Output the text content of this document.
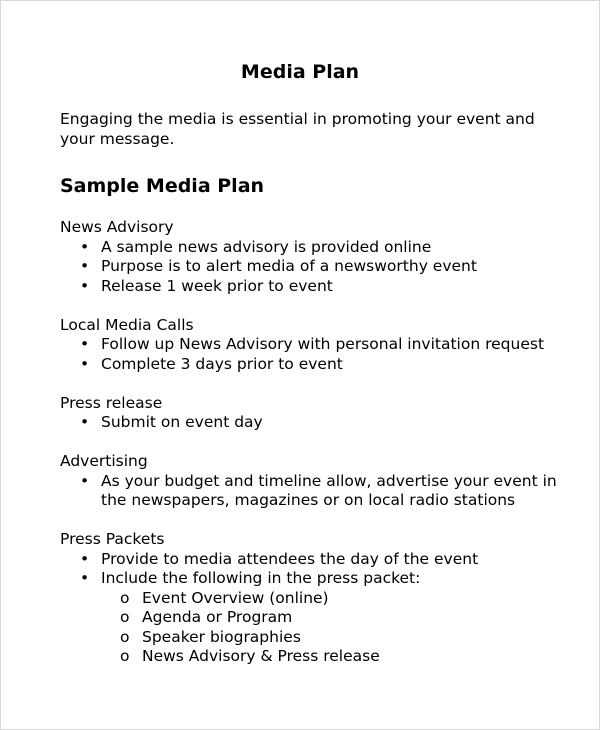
Media Plan
Engaging the media is essential in promoting your event and your message.
Sample Media Plan
News Advisory
• A sample news advisory is provided online
• Purpose is to alert media of a newsworthy event
• Release 1 week prior to event
Local Media Calls
• Follow up News Advisory with personal invitation request
• Complete 3 days prior to event
Press release
• Submit on event day
Advertising
• As your budget and timeline allow, advertise your event in the newspapers, magazines or on local radio stations
Press Packets
• Provide to media attendees the day of the event
• Include the following in the press packet:
o Event Overview (online)
o Agenda or Program
o Speaker biographies
o News Advisory & Press release
